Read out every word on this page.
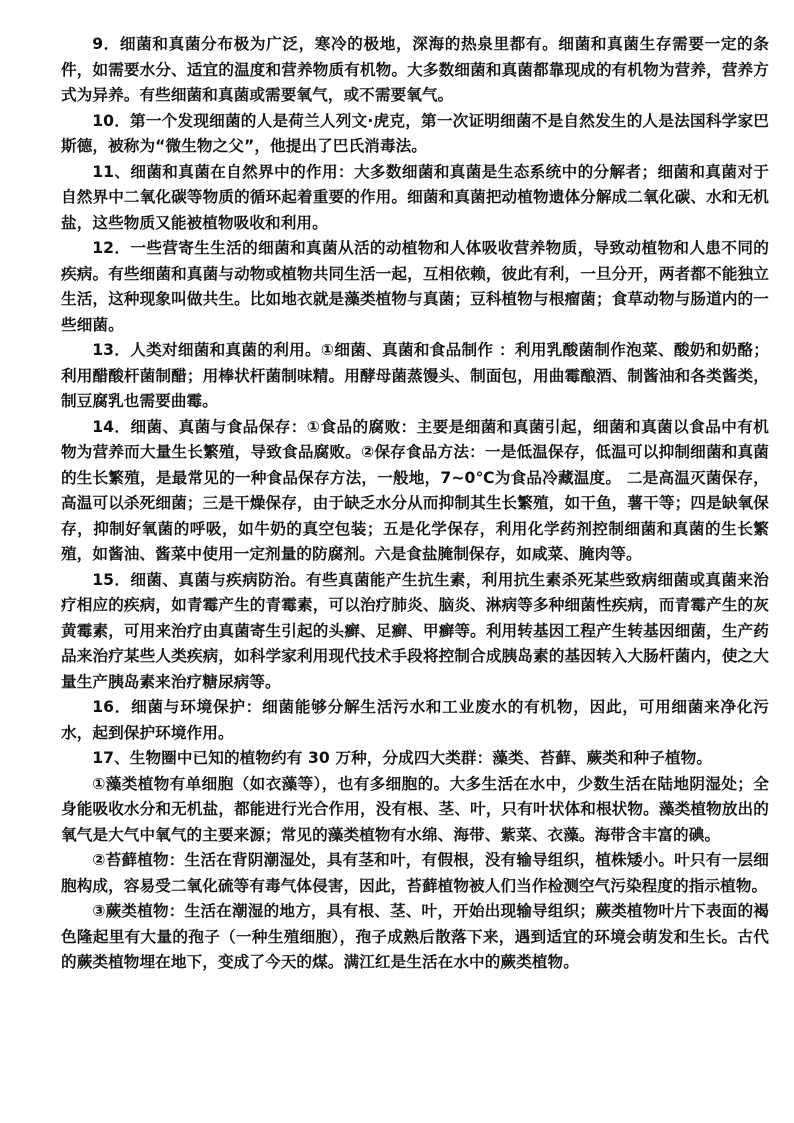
9．细菌和真菌分布极为广泛，寒冷的极地，深海的热泉里都有。细菌和真菌生存需要一定的条件，如需要水分、适宜的温度和营养物质有机物。大多数细菌和真菌都靠现成的有机物为营养，营养方式为异养。有些细菌和真菌或需要氧气，或不需要氧气。

10．第一个发现细菌的人是荷兰人列文·虎克，第一次证明细菌不是自然发生的人是法国科学家巴斯德，被称为“微生物之父”，他提出了巴氏消毒法。

11、细菌和真菌在自然界中的作用：大多数细菌和真菌是生态系统中的分解者；细菌和真菌对于自然界中二氧化碳等物质的循环起着重要的作用。细菌和真菌把动植物遗体分解成二氧化碳、水和无机盐，这些物质又能被植物吸收和利用。

12．一些营寄生生活的细菌和真菌从活的动植物和人体吸收营养物质，导致动植物和人患不同的疾病。有些细菌和真菌与动物或植物共同生活一起，互相依赖，彼此有利，一旦分开，两者都不能独立生活，这种现象叫做共生。比如地衣就是藻类植物与真菌；豆科植物与根瘤菌；食草动物与肠道内的一些细菌。

13．人类对细菌和真菌的利用。①细菌、真菌和食品制作 ：利用乳酸菌制作泡菜、酸奶和奶酪；利用醋酸杆菌制醋；用棒状杆菌制味精。用酵母菌蒸馒头、制面包，用曲霉酿酒、制酱油和各类酱类，制豆腐乳也需要曲霉。

14．细菌、真菌与食品保存：①食品的腐败：主要是细菌和真菌引起，细菌和真菌以食品中有机物为营养而大量生长繁殖，导致食品腐败。②保存食品方法：一是低温保存，低温可以抑制细菌和真菌的生长繁殖，是最常见的一种食品保存方法，一般地，7~0℃为食品冷藏温度。 二是高温灭菌保存，高温可以杀死细菌；三是干燥保存，由于缺乏水分从而抑制其生长繁殖，如干鱼，薯干等；四是缺氧保存，抑制好氧菌的呼吸，如牛奶的真空包装；五是化学保存，利用化学药剂控制细菌和真菌的生长繁殖，如酱油、酱菜中使用一定剂量的防腐剂。六是食盐腌制保存，如咸菜、腌肉等。

15．细菌、真菌与疾病防治。有些真菌能产生抗生素，利用抗生素杀死某些致病细菌或真菌来治疗相应的疾病，如青霉产生的青霉素，可以治疗肺炎、脑炎、淋病等多种细菌性疾病，而青霉产生的灰黄霉素，可用来治疗由真菌寄生引起的头癣、足癣、甲癣等。利用转基因工程产生转基因细菌，生产药品来治疗某些人类疾病，如科学家利用现代技术手段将控制合成胰岛素的基因转入大肠杆菌内，使之大量生产胰岛素来治疗糖尿病等。

16．细菌与环境保护：细菌能够分解生活污水和工业废水的有机物，因此，可用细菌来净化污水，起到保护环境作用。

17、生物圈中已知的植物约有 30 万种，分成四大类群：藻类、苔藓、蕨类和种子植物。

①藻类植物有单细胞（如衣藻等），也有多细胞的。大多生活在水中，少数生活在陆地阴湿处；全身能吸收水分和无机盐，都能进行光合作用，没有根、茎、叶，只有叶状体和根状物。藻类植物放出的氧气是大气中氧气的主要来源；常见的藻类植物有水绵、海带、紫菜、衣藻。海带含丰富的碘。

②苔藓植物：生活在背阴潮湿处，具有茎和叶，有假根，没有输导组织，植株矮小。叶只有一层细胞构成，容易受二氧化硫等有毒气体侵害，因此，苔藓植物被人们当作检测空气污染程度的指示植物。

③蕨类植物：生活在潮湿的地方，具有根、茎、叶，开始出现输导组织；蕨类植物叶片下表面的褐色隆起里有大量的孢子（一种生殖细胞），孢子成熟后散落下来，遇到适宜的环境会萌发和生长。古代的蕨类植物埋在地下，变成了今天的煤。满江红是生活在水中的蕨类植物。
